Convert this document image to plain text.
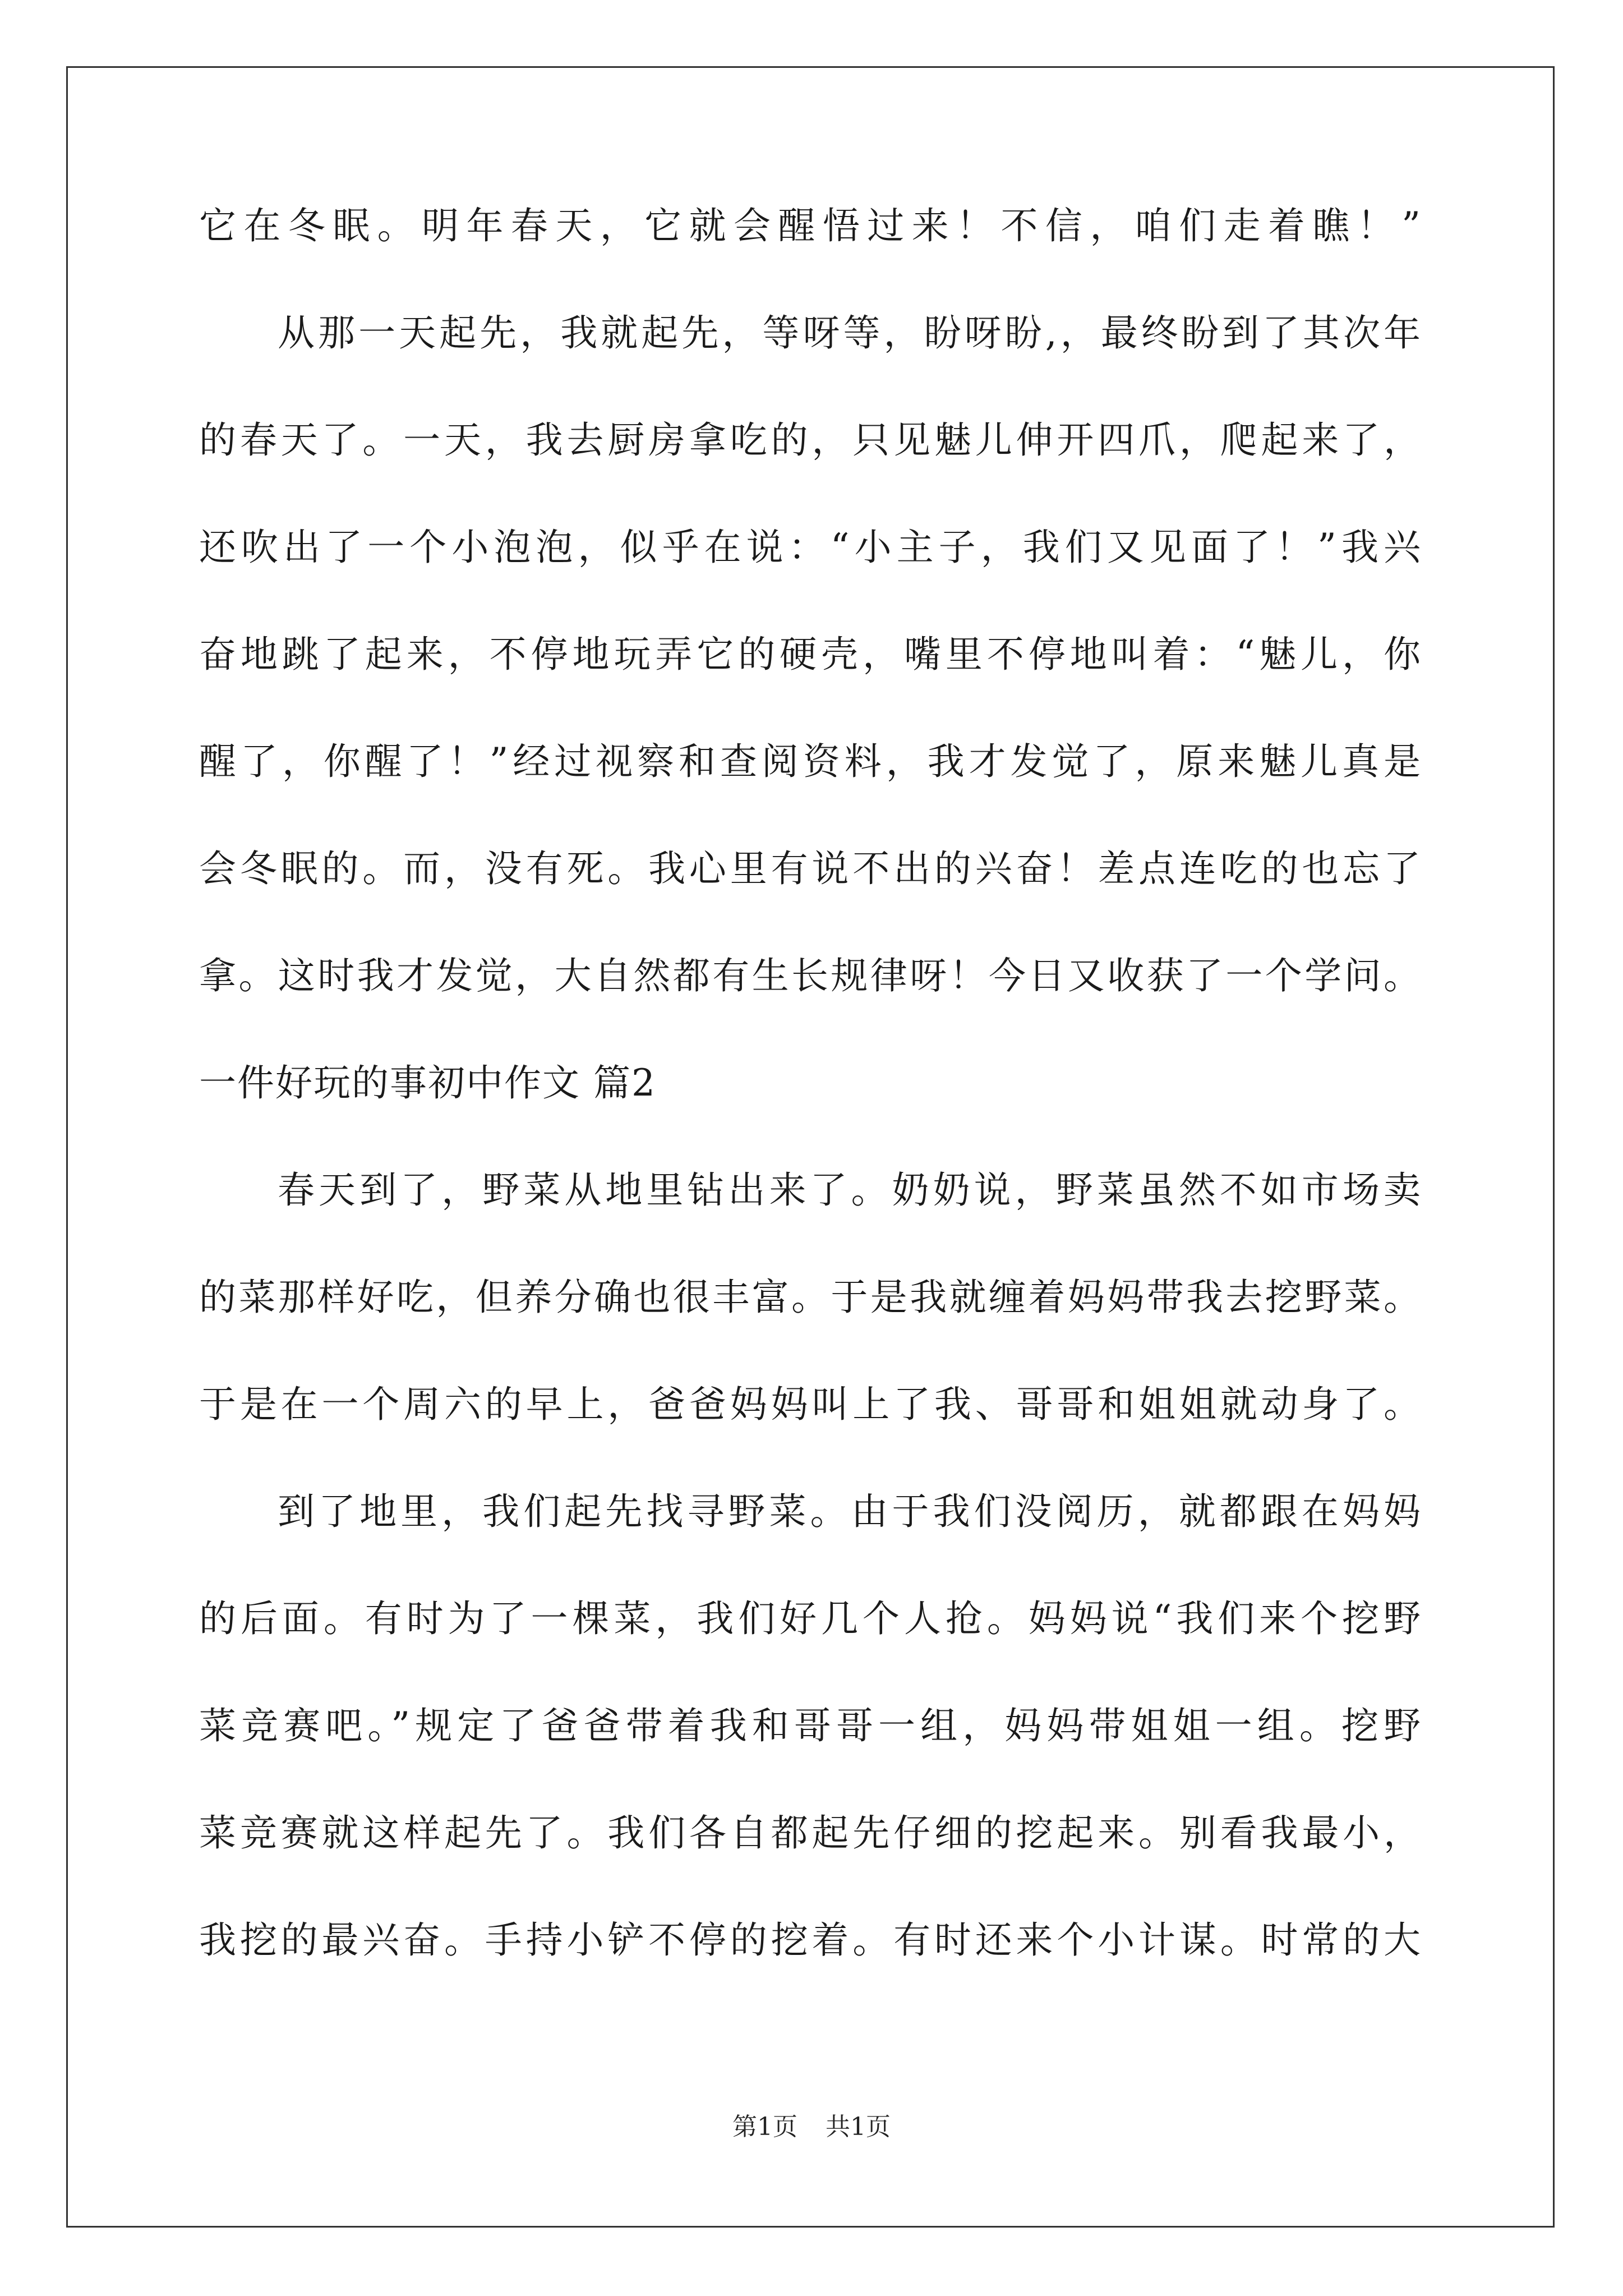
它在冬眠。明年春天，它就会醒悟过来！不信，咱们走着瞧！”
从那一天起先，我就起先，等呀等，盼呀盼,，最终盼到了其次年
的春天了。一天，我去厨房拿吃的，只见魅儿伸开四爪，爬起来了，
还吹出了一个小泡泡，似乎在说：“小主子，我们又见面了！”我兴
奋地跳了起来，不停地玩弄它的硬壳，嘴里不停地叫着：“魅儿，你
醒了，你醒了！”经过视察和查阅资料，我才发觉了，原来魅儿真是
会冬眠的。而，没有死。我心里有说不出的兴奋！差点连吃的也忘了
拿。这时我才发觉，大自然都有生长规律呀！今日又收获了一个学问。
一件好玩的事初中作文 篇2
春天到了，野菜从地里钻出来了。奶奶说，野菜虽然不如市场卖
的菜那样好吃，但养分确也很丰富。于是我就缠着妈妈带我去挖野菜。
于是在一个周六的早上，爸爸妈妈叫上了我、哥哥和姐姐就动身了。
到了地里，我们起先找寻野菜。由于我们没阅历，就都跟在妈妈
的后面。有时为了一棵菜，我们好几个人抢。妈妈说“我们来个挖野
菜竞赛吧。”规定了爸爸带着我和哥哥一组，妈妈带姐姐一组。挖野
菜竞赛就这样起先了。我们各自都起先仔细的挖起来。别看我最小，
我挖的最兴奋。手持小铲不停的挖着。有时还来个小计谋。时常的大
第1页 共1页
